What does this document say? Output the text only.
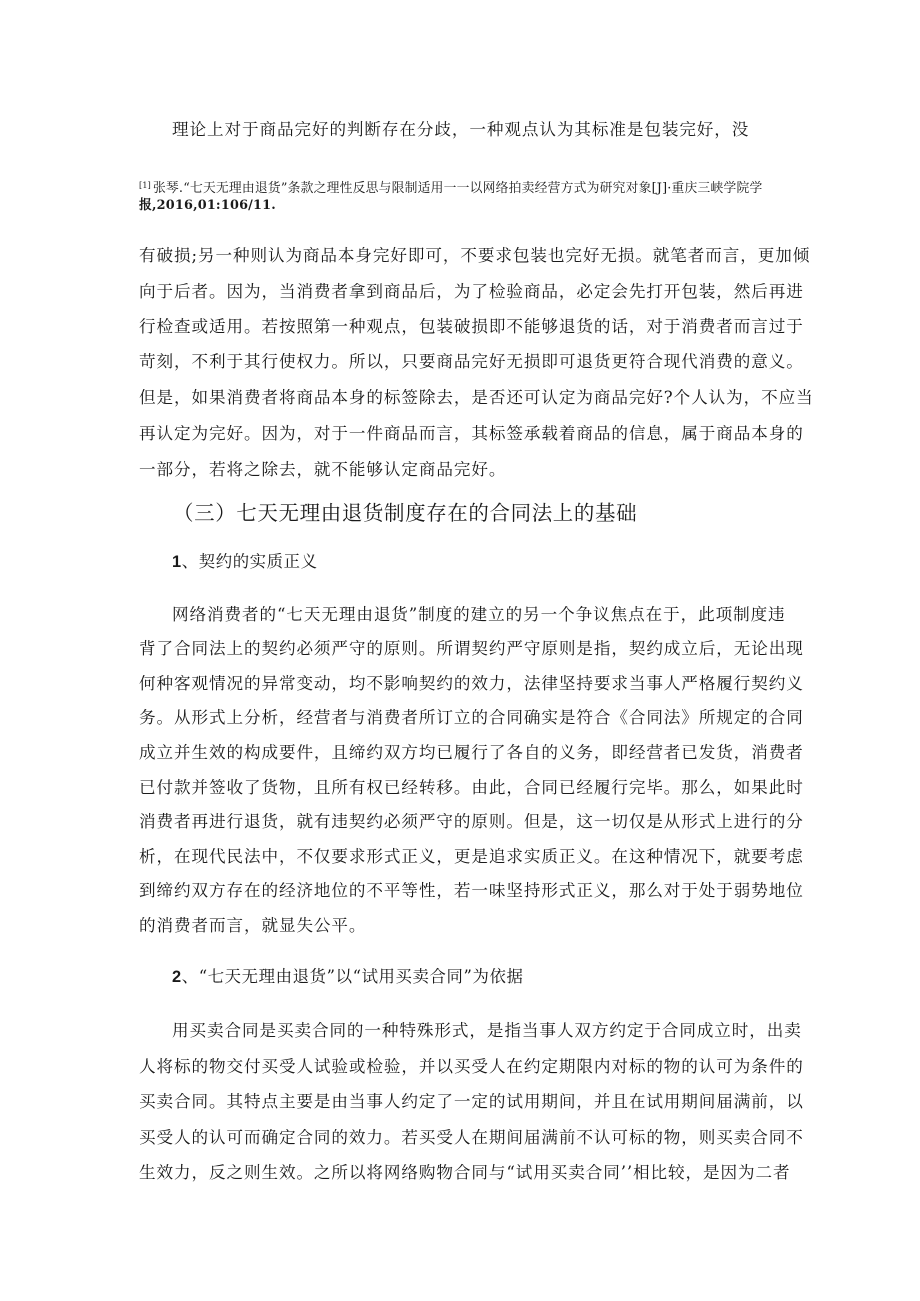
理论上对于商品完好的判断存在分歧，一种观点认为其标准是包装完好，没
[1] 张琴.“七天无理由退货”条款之理性反思与限制适用一一以网络拍卖经营方式为研究对象[J]·重庆三峡学院学
报,2016,01:106/11.
有破损;另一种则认为商品本身完好即可，不要求包装也完好无损。就笔者而言，更加倾
向于后者。因为，当消费者拿到商品后，为了检验商品，必定会先打开包装，然后再进
行检查或适用。若按照第一种观点，包装破损即不能够退货的话，对于消费者而言过于
苛刻，不利于其行使权力。所以，只要商品完好无损即可退货更符合现代消费的意义。
但是，如果消费者将商品本身的标签除去，是否还可认定为商品完好?个人认为，不应当
再认定为完好。因为，对于一件商品而言，其标签承载着商品的信息，属于商品本身的
一部分，若将之除去，就不能够认定商品完好。
（三）七天无理由退货制度存在的合同法上的基础
1、契约的实质正义
网络消费者的“七天无理由退货”制度的建立的另一个争议焦点在于，此项制度违
背了合同法上的契约必须严守的原则。所谓契约严守原则是指，契约成立后，无论出现
何种客观情况的异常变动，均不影响契约的效力，法律坚持要求当事人严格履行契约义
务。从形式上分析，经营者与消费者所订立的合同确实是符合《合同法》所规定的合同
成立并生效的构成要件，且缔约双方均已履行了各自的义务，即经营者已发货，消费者
已付款并签收了货物，且所有权已经转移。由此，合同已经履行完毕。那么，如果此时
消费者再进行退货，就有违契约必须严守的原则。但是，这一切仅是从形式上进行的分
析，在现代民法中，不仅要求形式正义，更是追求实质正义。在这种情况下，就要考虑
到缔约双方存在的经济地位的不平等性，若一味坚持形式正义，那么对于处于弱势地位
的消费者而言，就显失公平。
2、“七天无理由退货”以“试用买卖合同”为依据
用买卖合同是买卖合同的一种特殊形式，是指当事人双方约定于合同成立时，出卖
人将标的物交付买受人试验或检验，并以买受人在约定期限内对标的物的认可为条件的
买卖合同。其特点主要是由当事人约定了一定的试用期间，并且在试用期间届满前，以
买受人的认可而确定合同的效力。若买受人在期间届满前不认可标的物，则买卖合同不
生效力，反之则生效。之所以将网络购物合同与“试用买卖合同’’相比较，是因为二者
